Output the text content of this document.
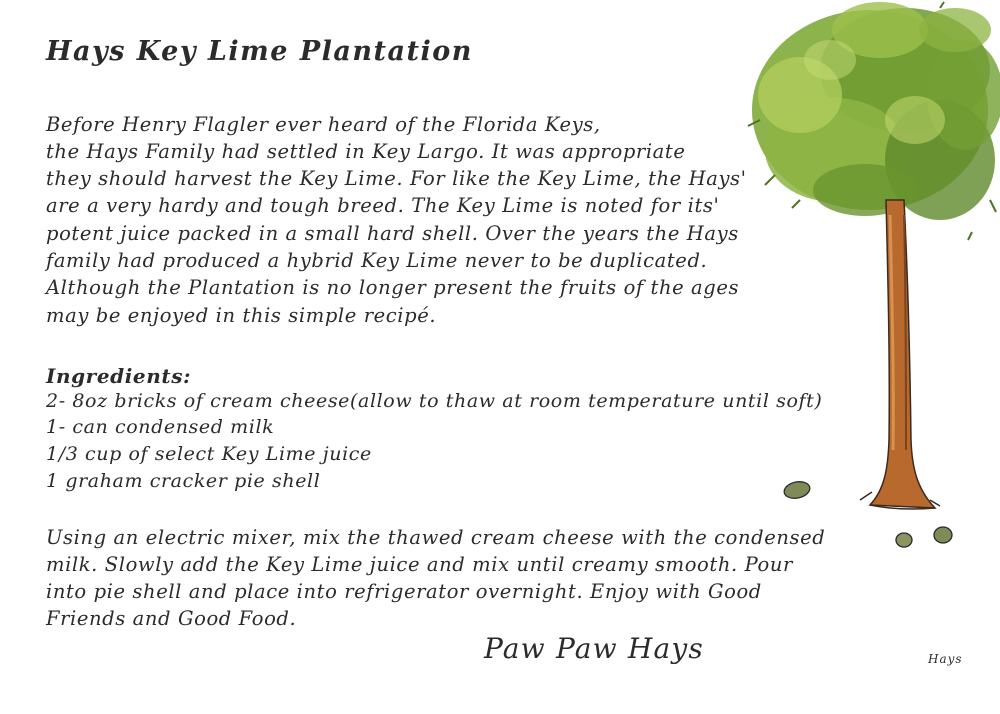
Hays Key Lime Plantation

Before Henry Flagler ever heard of the Florida Keys,

the Hays Family had settled in Key Largo. It was appropriate

they should harvest the Key Lime. For like the Key Lime, the Hays'

are a very hardy and tough breed. The Key Lime is noted for its'

potent juice packed in a small hard shell. Over the years the Hays

family had produced a hybrid Key Lime never to be duplicated.

Although the Plantation is no longer present the fruits of the ages

may be enjoyed in this simple recipé.

Ingredients:

2- 8oz bricks of cream cheese(allow to thaw at room temperature until soft)

1- can condensed milk

1/3 cup of select Key Lime juice

1 graham cracker pie shell

Using an electric mixer, mix the thawed cream cheese with the condensed

milk. Slowly add the Key Lime juice and mix until creamy smooth. Pour

into pie shell and place into refrigerator overnight. Enjoy with Good

Friends and Good Food.

Paw Paw Hays	Hays
